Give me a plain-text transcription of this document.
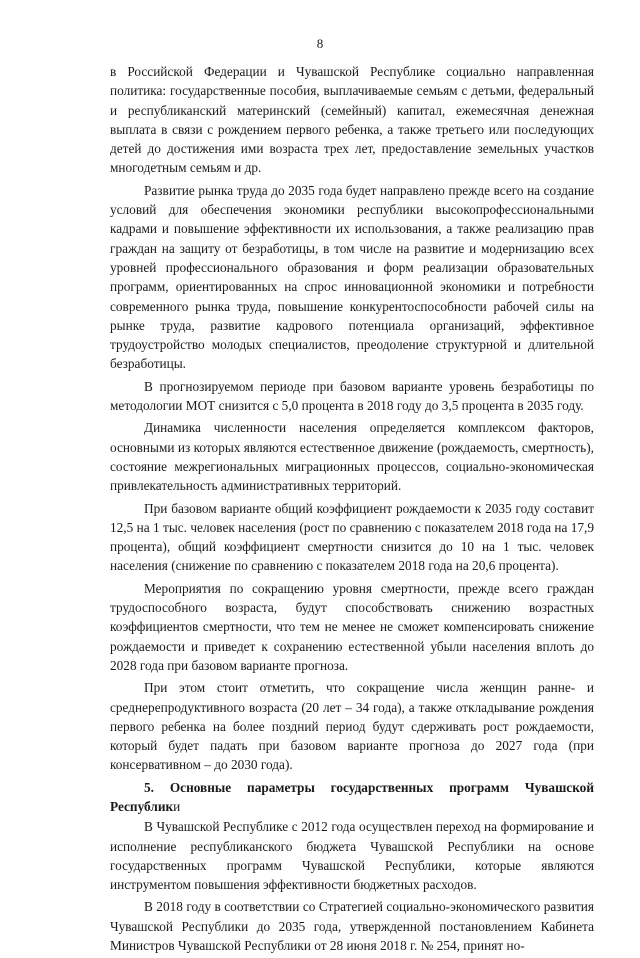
8

в Российской Федерации и Чувашской Республике социально направленная политика: государственные пособия, выплачиваемые семьям с детьми, федеральный и республиканский материнский (семейный) капитал, ежемесячная денежная выплата в связи с рождением первого ребенка, а также третьего или последующих детей до достижения ими возраста трех лет, предоставление земельных участков многодетным семьям и др.

Развитие рынка труда до 2035 года будет направлено прежде всего на создание условий для обеспечения экономики республики высокопрофессиональными кадрами и повышение эффективности их использования, а также реализацию прав граждан на защиту от безработицы, в том числе на развитие и модернизацию всех уровней профессионального образования и форм реализации образовательных программ, ориентированных на спрос инновационной экономики и потребности современного рынка труда, повышение конкурентоспособности рабочей силы на рынке труда, развитие кадрового потенциала организаций, эффективное трудоустройство молодых специалистов, преодоление структурной и длительной безработицы.

В прогнозируемом периоде при базовом варианте уровень безработицы по методологии МОТ снизится с 5,0 процента в 2018 году до 3,5 процента в 2035 году.

Динамика численности населения определяется комплексом факторов, основными из которых являются естественное движение (рождаемость, смертность), состояние межрегиональных миграционных процессов, социально-экономическая привлекательность административных территорий.

При базовом варианте общий коэффициент рождаемости к 2035 году составит 12,5 на 1 тыс. человек населения (рост по сравнению с показателем 2018 года на 17,9 процента), общий коэффициент смертности снизится до 10 на 1 тыс. человек населения (снижение по сравнению с показателем 2018 года на 20,6 процента).

Мероприятия по сокращению уровня смертности, прежде всего граждан трудоспособного возраста, будут способствовать снижению возрастных коэффициентов смертности, что тем не менее не сможет компенсировать снижение рождаемости и приведет к сохранению естественной убыли населения вплоть до 2028 года при базовом варианте прогноза.

При этом стоит отметить, что сокращение числа женщин ранне- и среднерепродуктивного возраста (20 лет – 34 года), а также откладывание рождения первого ребенка на более поздний период будут сдерживать рост рождаемости, который будет падать при базовом варианте прогноза до 2027 года (при консервативном – до 2030 года).

5. Основные параметры государственных программ Чувашской Республики

В Чувашской Республике с 2012 года осуществлен переход на формирование и исполнение республиканского бюджета Чувашской Республики на основе государственных программ Чувашской Республики, которые являются инструментом повышения эффективности бюджетных расходов.

В 2018 году в соответствии со Стратегией социально-экономического развития Чувашской Республики до 2035 года, утвержденной постановлением Кабинета Министров Чувашской Республики от 28 июня 2018 г. № 254, принят но-
